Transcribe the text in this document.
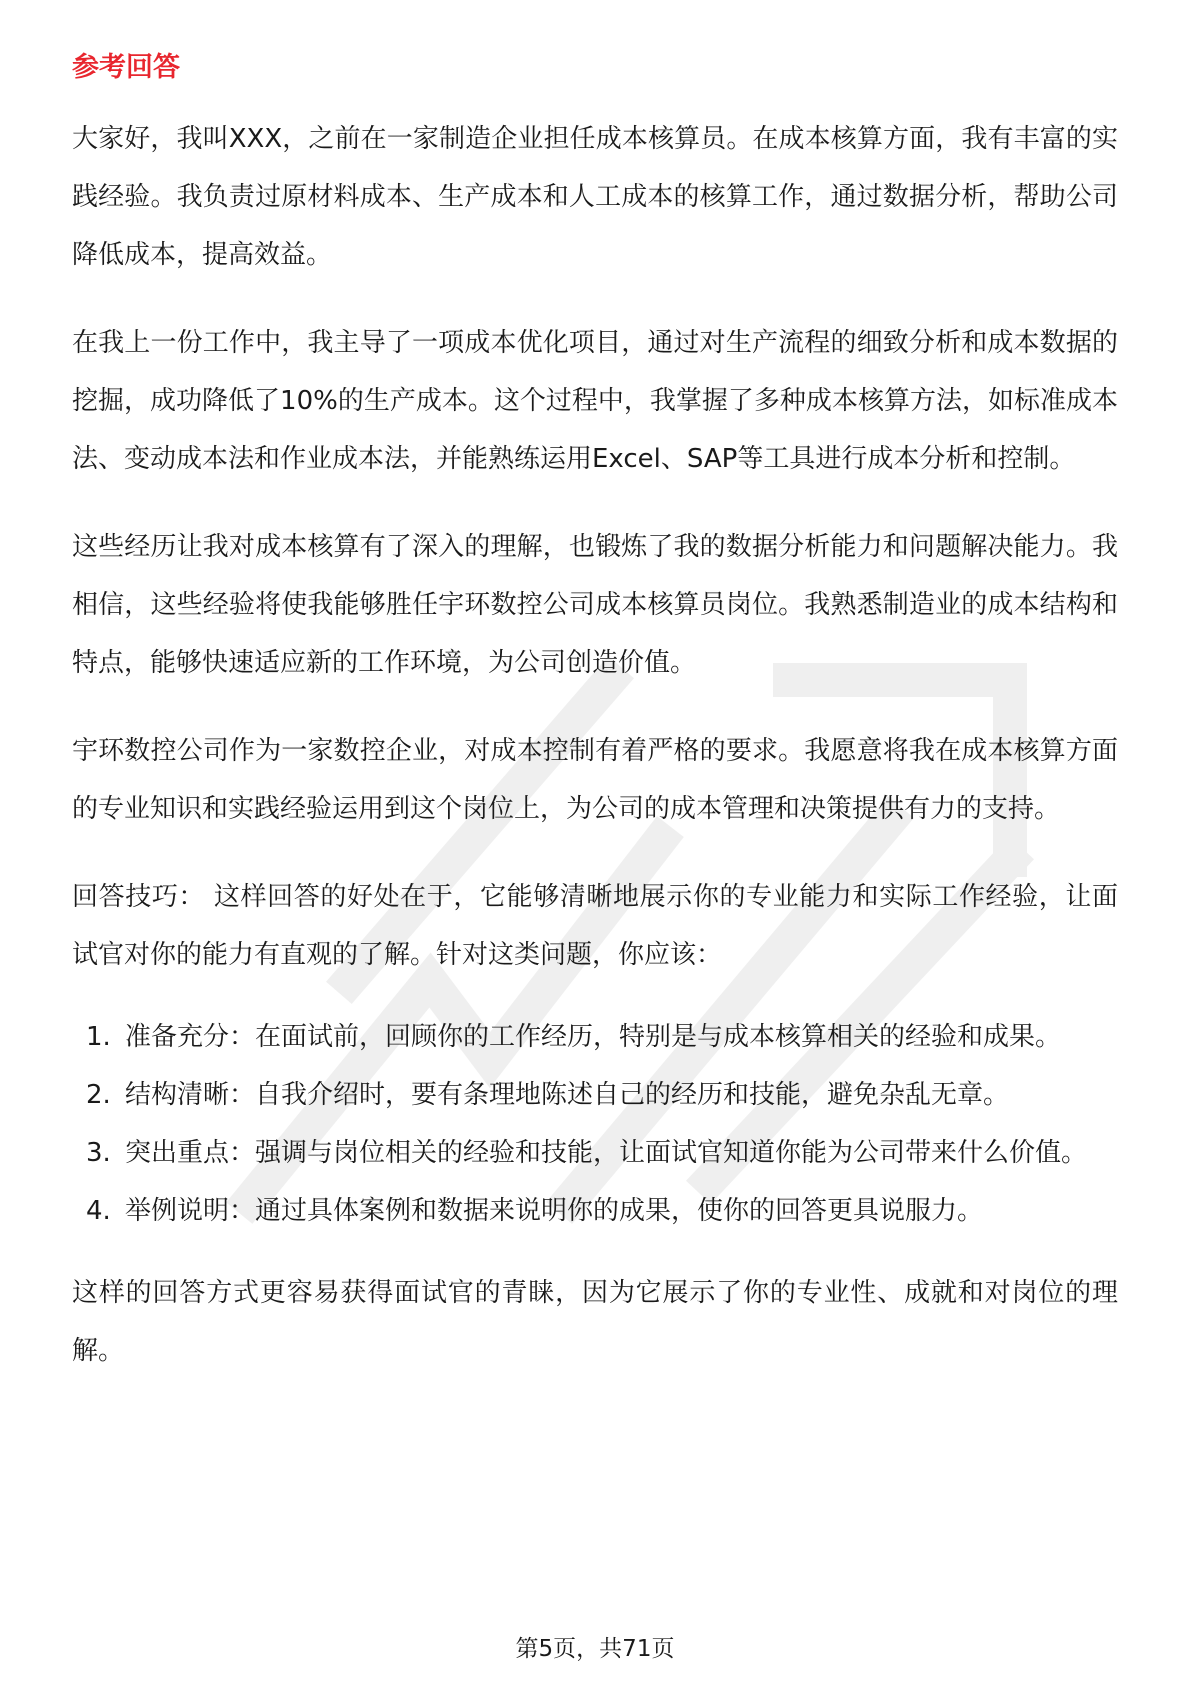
参考回答

大家好，我叫XXX，之前在一家制造企业担任成本核算员。在成本核算方面，我有丰富的实践经验。我负责过原材料成本、生产成本和人工成本的核算工作，通过数据分析，帮助公司降低成本，提高效益。

在我上一份工作中，我主导了一项成本优化项目，通过对生产流程的细致分析和成本数据的挖掘，成功降低了10%的生产成本。这个过程中，我掌握了多种成本核算方法，如标准成本法、变动成本法和作业成本法，并能熟练运用Excel、SAP等工具进行成本分析和控制。

这些经历让我对成本核算有了深入的理解，也锻炼了我的数据分析能力和问题解决能力。我相信，这些经验将使我能够胜任宇环数控公司成本核算员岗位。我熟悉制造业的成本结构和特点，能够快速适应新的工作环境，为公司创造价值。

宇环数控公司作为一家数控企业，对成本控制有着严格的要求。我愿意将我在成本核算方面的专业知识和实践经验运用到这个岗位上，为公司的成本管理和决策提供有力的支持。

回答技巧： 这样回答的好处在于，它能够清晰地展示你的专业能力和实际工作经验，让面试官对你的能力有直观的了解。针对这类问题，你应该：

1. 准备充分：在面试前，回顾你的工作经历，特别是与成本核算相关的经验和成果。
2. 结构清晰：自我介绍时，要有条理地陈述自己的经历和技能，避免杂乱无章。
3. 突出重点：强调与岗位相关的经验和技能，让面试官知道你能为公司带来什么价值。
4. 举例说明：通过具体案例和数据来说明你的成果，使你的回答更具说服力。

这样的回答方式更容易获得面试官的青睐，因为它展示了你的专业性、成就和对岗位的理解。

第5页，共71页
